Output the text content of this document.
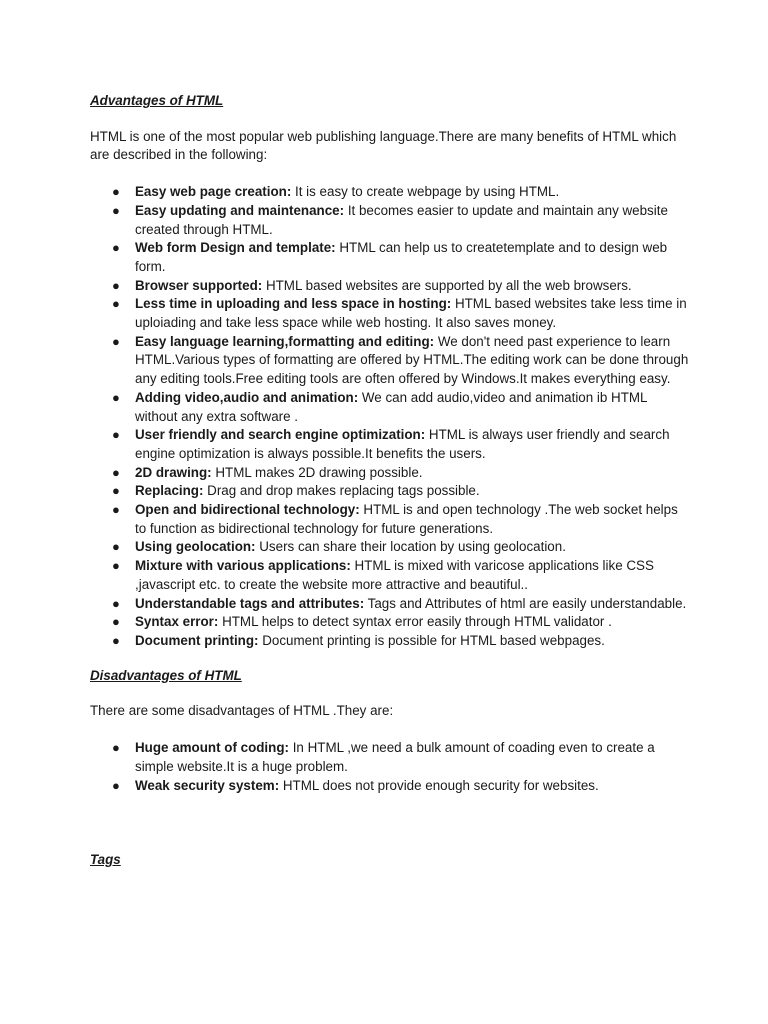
Advantages of HTML

HTML is one of the most popular web publishing language.There are many benefits of HTML which are described in the following:

● Easy web page creation: It is easy to create webpage by using HTML.
● Easy updating and maintenance: It becomes easier to update and maintain any website created through HTML.
● Web form Design and template: HTML can help us to createtemplate and to design web form.
● Browser supported: HTML based websites are supported by all the web browsers.
● Less time in uploading and less space in hosting: HTML based websites take less time in uploiading and take less space while web hosting. It also saves money.
● Easy language learning,formatting and editing: We don't need past experience to learn HTML.Various types of formatting are offered by HTML.The editing work can be done through any editing tools.Free editing tools are often offered by Windows.It makes everything easy.
● Adding video,audio and animation: We can add audio,video and animation ib HTML without any extra software .
● User friendly and search engine optimization: HTML is always user friendly and search engine optimization is always possible.It benefits the users.
● 2D drawing: HTML makes 2D drawing possible.
● Replacing: Drag and drop makes replacing tags possible.
● Open and bidirectional technology: HTML is and open technology .The web socket helps to function as bidirectional technology for future generations.
● Using geolocation: Users can share their location by using geolocation.
● Mixture with various applications: HTML is mixed with varicose applications like CSS ,javascript etc. to create the website more attractive and beautiful..
● Understandable tags and attributes: Tags and Attributes of html are easily understandable.
● Syntax error: HTML helps to detect syntax error easily through HTML validator .
● Document printing: Document printing is possible for HTML based webpages.

Disadvantages of HTML

There are some disadvantages of HTML .They are:

● Huge amount of coding: In HTML ,we need a bulk amount of coading even to create a simple website.It is a huge problem.
● Weak security system: HTML does not provide enough security for websites.

Tags
